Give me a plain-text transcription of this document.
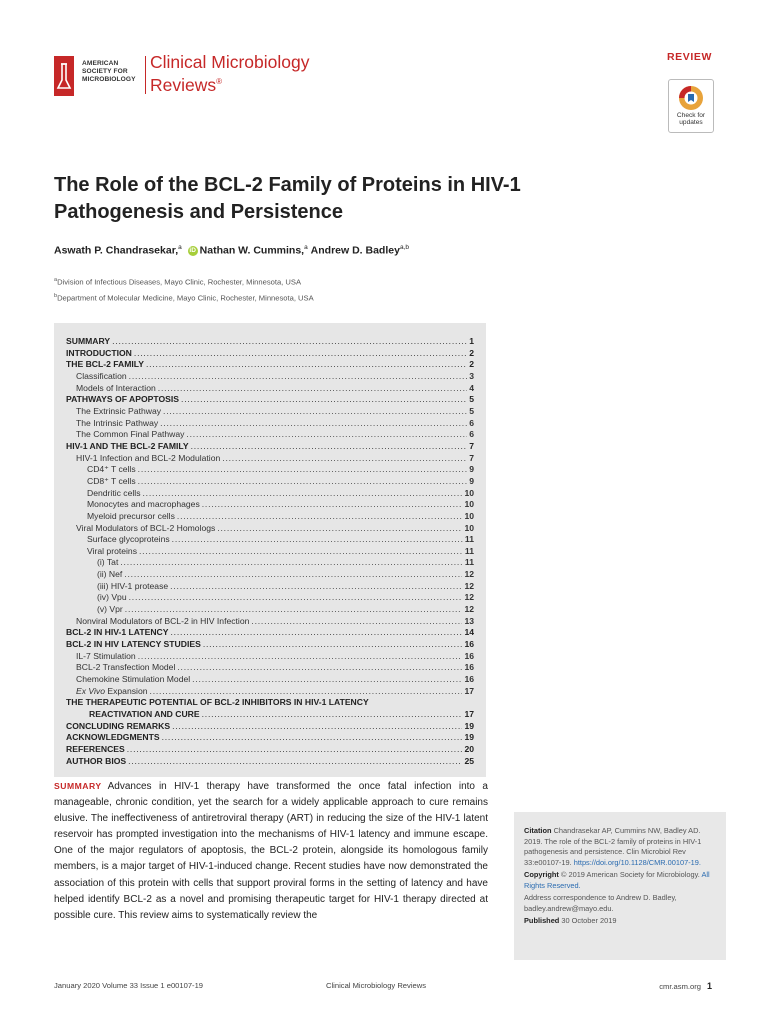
AMERICAN
SOCIETY FOR
MICROBIOLOGY
Clinical Microbiology
Reviews®
REVIEW
Check for
updates
The Role of the BCL-2 Family of Proteins in HIV-1 Pathogenesis and Persistence
Aswath P. Chandrasekar,$^a$ iD Nathan W. Cummins,$^a$ Andrew D. Badley$^{a,b}$
$^a$Division of Infectious Diseases, Mayo Clinic, Rochester, Minnesota, USA
$^b$Department of Molecular Medicine, Mayo Clinic, Rochester, Minnesota, USA
SUMMARY . . .	1
INTRODUCTION . . .	2
THE BCL-2 FAMILY . . .	2
Classification . . .	3
Models of Interaction . . .	4
PATHWAYS OF APOPTOSIS . . .	5
The Extrinsic Pathway . . .	5
The Intrinsic Pathway . . .	6
The Common Final Pathway . . .	6
HIV-1 AND THE BCL-2 FAMILY . . .	7
HIV-1 Infection and BCL-2 Modulation . . .	7
CD4⁺ T cells . . .	9
CD8⁺ T cells . . .	9
Dendritic cells . . .	10
Monocytes and macrophages . . .	10
Myeloid precursor cells . . .	10
Viral Modulators of BCL-2 Homologs . . .	10
Surface glycoproteins . . .	11
Viral proteins . . .	11
(i) Tat . . .	11
(ii) Nef . . .	12
(iii) HIV-1 protease . . .	12
(iv) Vpu . . .	12
(v) Vpr . . .	12
Nonviral Modulators of BCL-2 in HIV Infection . . .	13
BCL-2 IN HIV-1 LATENCY . . .	14
BCL-2 IN HIV LATENCY STUDIES . . .	16
IL-7 Stimulation . . .	16
BCL-2 Transfection Model . . .	16
Chemokine Stimulation Model . . .	16
Ex Vivo Expansion . . .	17
THE THERAPEUTIC POTENTIAL OF BCL-2 INHIBITORS IN HIV-1 LATENCY
REACTIVATION AND CURE . . .	17
CONCLUDING REMARKS . . .	19
ACKNOWLEDGMENTS . . .	19
REFERENCES . . .	20
AUTHOR BIOS . . .	25
SUMMARY Advances in HIV-1 therapy have transformed the once fatal infection into a manageable, chronic condition, yet the search for a widely applicable approach to cure remains elusive. The ineffectiveness of antiretroviral therapy (ART) in reducing the size of the HIV-1 latent reservoir has prompted investigation into the mechanisms of HIV-1 latency and immune escape. One of the major regulators of apoptosis, the BCL-2 protein, alongside its homologous family members, is a major target of HIV-1-induced change. Recent studies have now demonstrated the association of this protein with cells that support proviral forms in the setting of latency and have helped identify BCL-2 as a novel and promising therapeutic target for HIV-1 therapy directed at possible cure. This review aims to systematically review the

Citation Chandrasekar AP, Cummins NW, Badley AD. 2019. The role of the BCL-2 family of proteins in HIV-1 pathogenesis and persistence. Clin Microbiol Rev 33:e00107-19. https://doi.org/10.1128/CMR.00107-19.

Copyright © 2019 American Society for Microbiology. All Rights Reserved.

Address correspondence to Andrew D. Badley, badley.andrew@mayo.edu.

Published 30 October 2019

January 2020 Volume 33 Issue 1 e00107-19	Clinical Microbiology Reviews	cmr.asm.org 1
